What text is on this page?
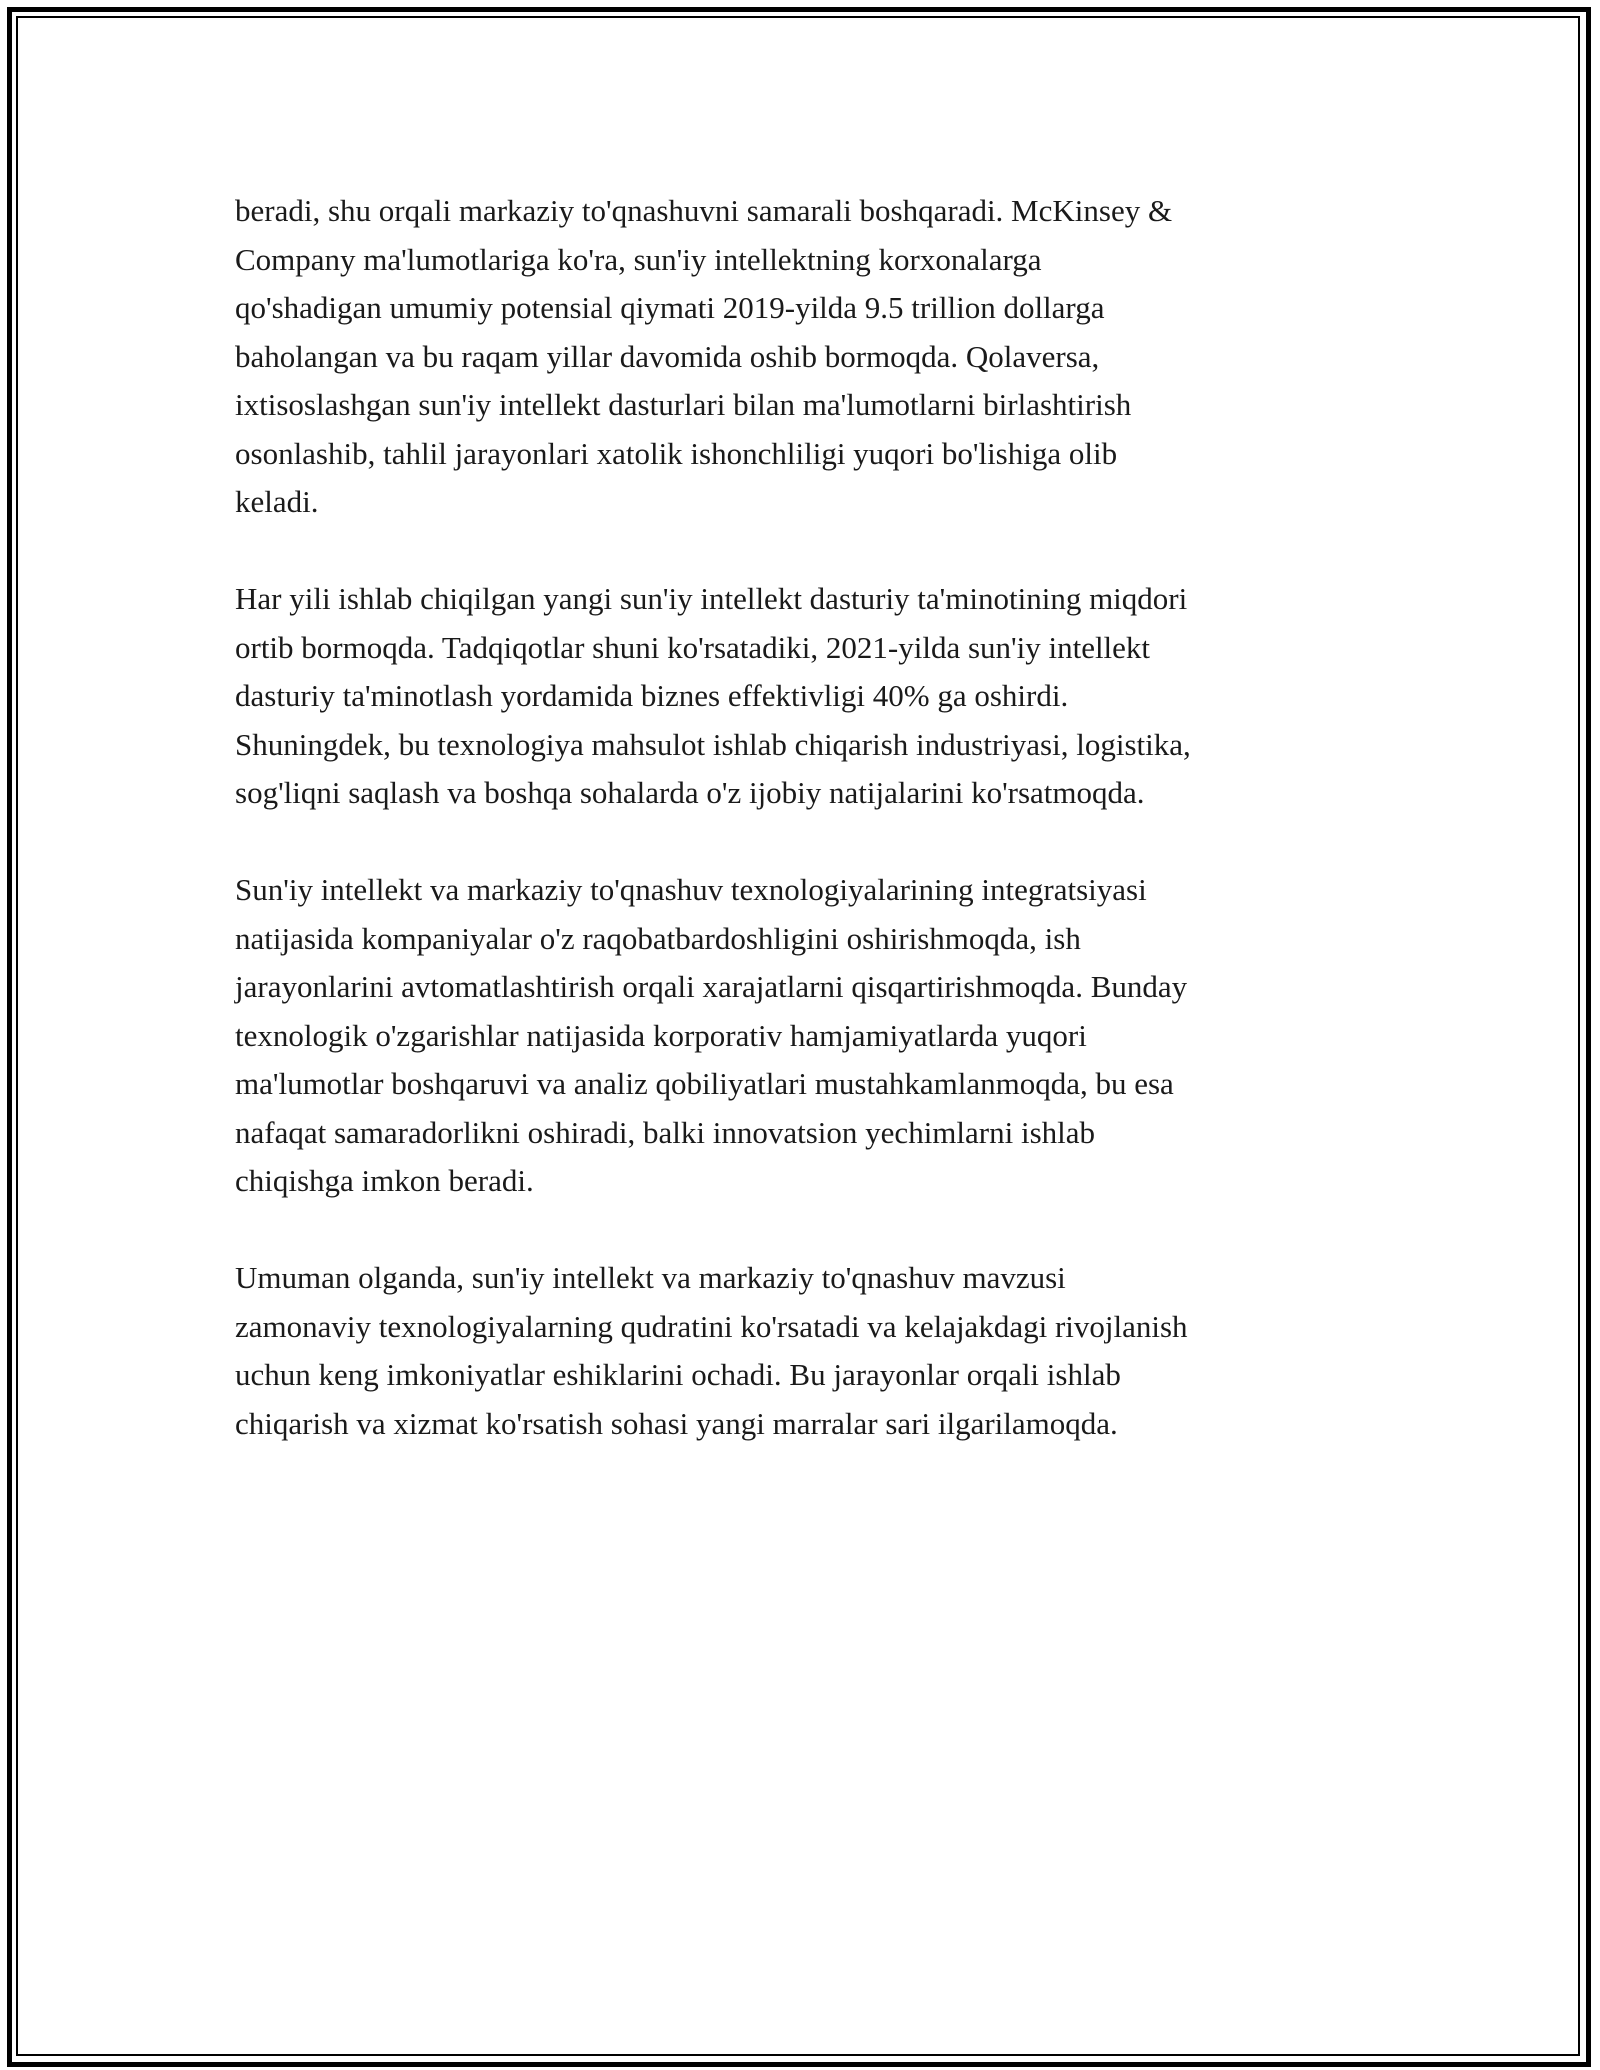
beradi, shu orqali markaziy to'qnashuvni samarali boshqaradi. McKinsey &
Company ma'lumotlariga ko'ra, sun'iy intellektning korxonalarga
qo'shadigan umumiy potensial qiymati 2019-yilda 9.5 trillion dollarga
baholangan va bu raqam yillar davomida oshib bormoqda. Qolaversa,
ixtisoslashgan sun'iy intellekt dasturlari bilan ma'lumotlarni birlashtirish
osonlashib, tahlil jarayonlari xatolik ishonchliligi yuqori bo'lishiga olib
keladi.

Har yili ishlab chiqilgan yangi sun'iy intellekt dasturiy ta'minotining miqdori
ortib bormoqda. Tadqiqotlar shuni ko'rsatadiki, 2021-yilda sun'iy intellekt
dasturiy ta'minotlash yordamida biznes effektivligi 40% ga oshirdi.
Shuningdek, bu texnologiya mahsulot ishlab chiqarish industriyasi, logistika,
sog'liqni saqlash va boshqa sohalarda o'z ijobiy natijalarini ko'rsatmoqda.

Sun'iy intellekt va markaziy to'qnashuv texnologiyalarining integratsiyasi
natijasida kompaniyalar o'z raqobatbardoshligini oshirishmoqda, ish
jarayonlarini avtomatlashtirish orqali xarajatlarni qisqartirishmoqda. Bunday
texnologik o'zgarishlar natijasida korporativ hamjamiyatlarda yuqori
ma'lumotlar boshqaruvi va analiz qobiliyatlari mustahkamlanmoqda, bu esa
nafaqat samaradorlikni oshiradi, balki innovatsion yechimlarni ishlab
chiqishga imkon beradi.

Umuman olganda, sun'iy intellekt va markaziy to'qnashuv mavzusi
zamonaviy texnologiyalarning qudratini ko'rsatadi va kelajakdagi rivojlanish
uchun keng imkoniyatlar eshiklarini ochadi. Bu jarayonlar orqali ishlab
chiqarish va xizmat ko'rsatish sohasi yangi marralar sari ilgarilamoqda.
